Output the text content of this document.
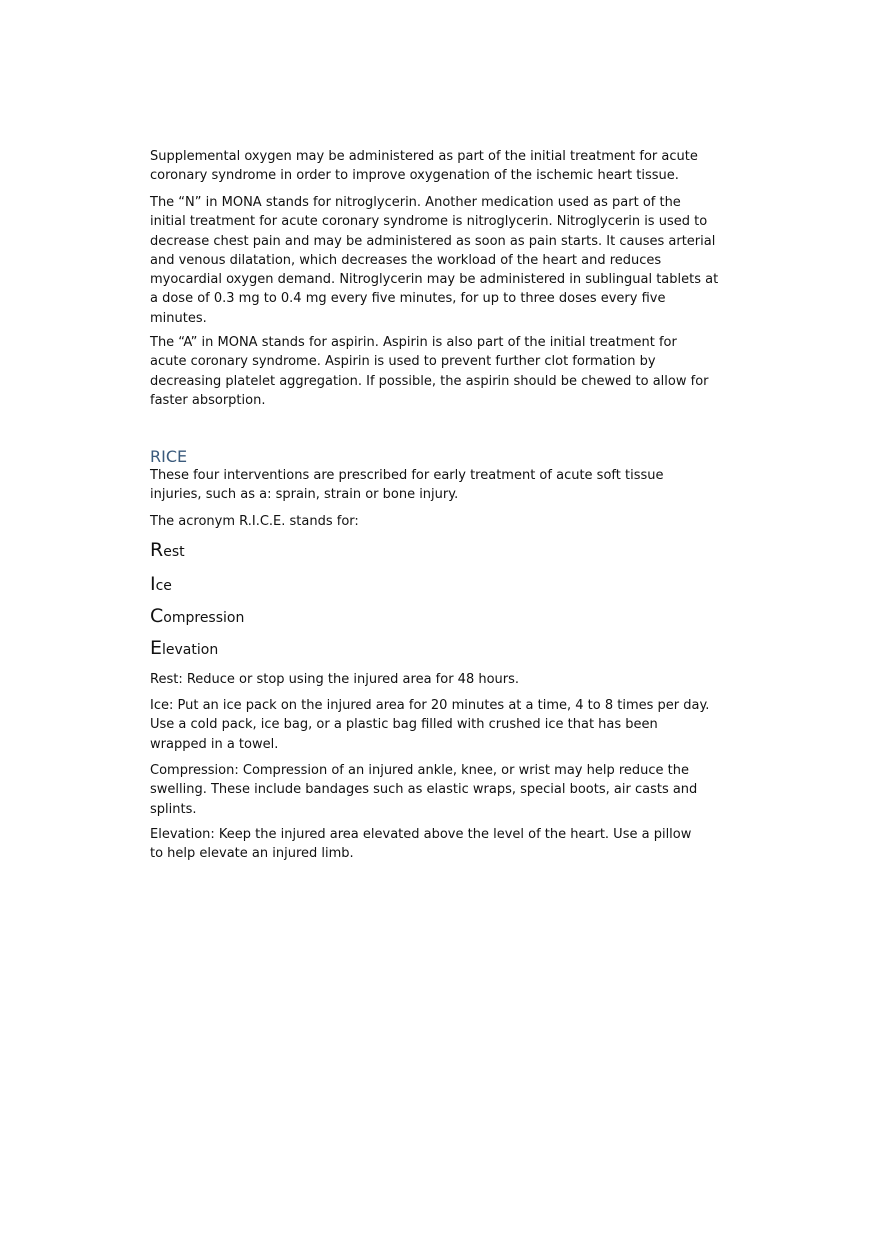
Supplemental oxygen may be administered as part of the initial treatment for acute
coronary syndrome in order to improve oxygenation of the ischemic heart tissue.
The “N” in MONA stands for nitroglycerin. Another medication used as part of the
initial treatment for acute coronary syndrome is nitroglycerin. Nitroglycerin is used to
decrease chest pain and may be administered as soon as pain starts. It causes arterial
and venous dilatation, which decreases the workload of the heart and reduces
myocardial oxygen demand. Nitroglycerin may be administered in sublingual tablets at
a dose of 0.3 mg to 0.4 mg every five minutes, for up to three doses every five
minutes.
The “A” in MONA stands for aspirin. Aspirin is also part of the initial treatment for
acute coronary syndrome. Aspirin is used to prevent further clot formation by
decreasing platelet aggregation. If possible, the aspirin should be chewed to allow for
faster absorption.
RICE
These four interventions are prescribed for early treatment of acute soft tissue
injuries, such as a: sprain, strain or bone injury.
The acronym R.I.C.E. stands for:
Rest
Ice
Compression
Elevation
Rest: Reduce or stop using the injured area for 48 hours.
Ice: Put an ice pack on the injured area for 20 minutes at a time, 4 to 8 times per day.
Use a cold pack, ice bag, or a plastic bag filled with crushed ice that has been
wrapped in a towel.
Compression: Compression of an injured ankle, knee, or wrist may help reduce the
swelling. These include bandages such as elastic wraps, special boots, air casts and
splints.
Elevation: Keep the injured area elevated above the level of the heart. Use a pillow
to help elevate an injured limb.
